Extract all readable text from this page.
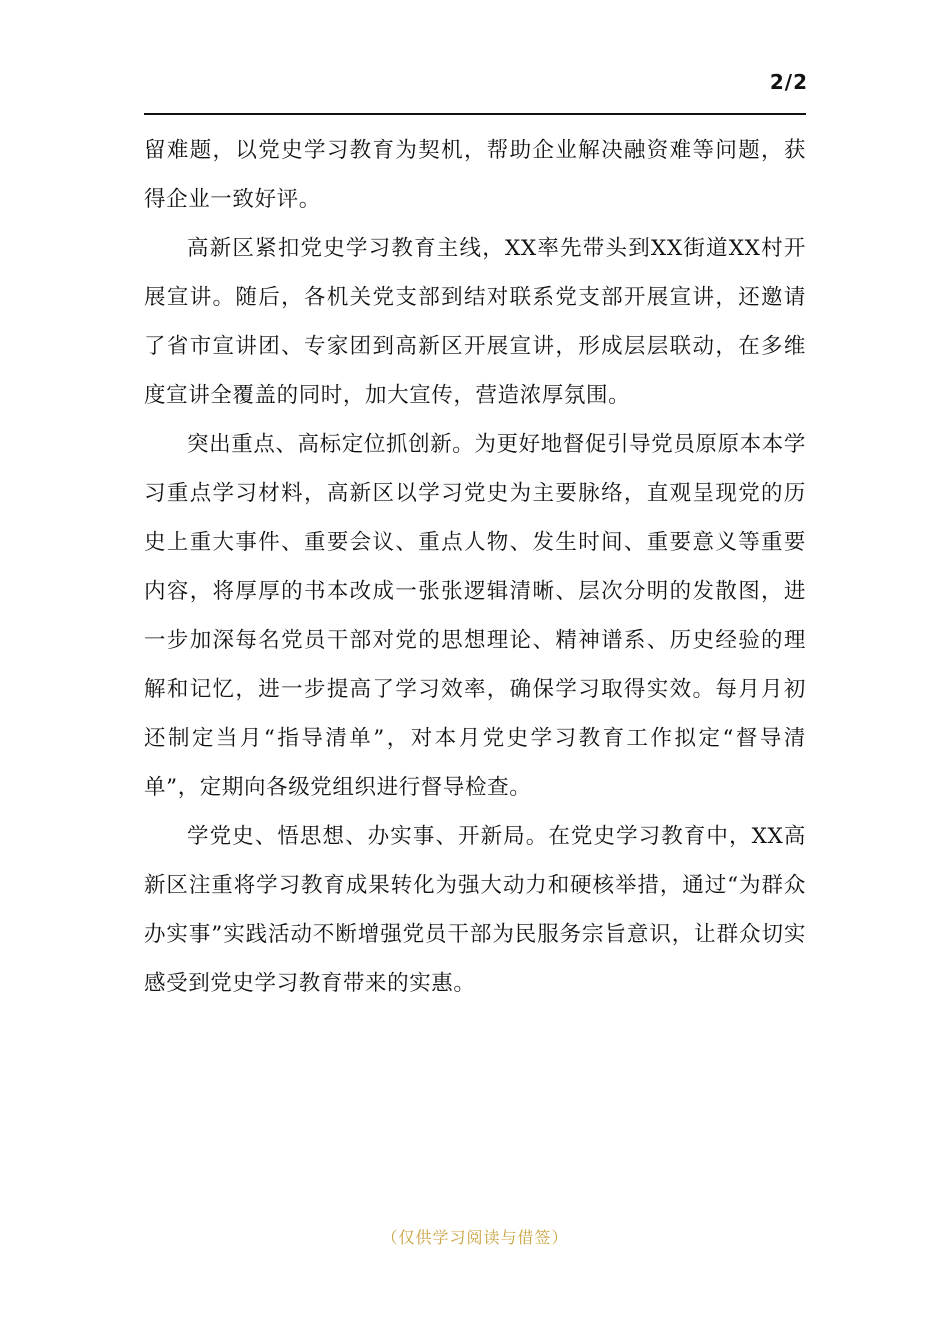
2/2

留难题，以党史学习教育为契机，帮助企业解决融资难等问题，获得企业一致好评。

高新区紧扣党史学习教育主线，XX率先带头到XX街道XX村开展宣讲。随后，各机关党支部到结对联系党支部开展宣讲，还邀请了省市宣讲团、专家团到高新区开展宣讲，形成层层联动，在多维度宣讲全覆盖的同时，加大宣传，营造浓厚氛围。

突出重点、高标定位抓创新。为更好地督促引导党员原原本本学习重点学习材料，高新区以学习党史为主要脉络，直观呈现党的历史上重大事件、重要会议、重点人物、发生时间、重要意义等重要内容，将厚厚的书本改成一张张逻辑清晰、层次分明的发散图，进一步加深每名党员干部对党的思想理论、精神谱系、历史经验的理解和记忆，进一步提高了学习效率，确保学习取得实效。每月月初还制定当月“指导清单”，对本月党史学习教育工作拟定“督导清单”，定期向各级党组织进行督导检查。

学党史、悟思想、办实事、开新局。在党史学习教育中，XX高新区注重将学习教育成果转化为强大动力和硬核举措，通过“为群众办实事”实践活动不断增强党员干部为民服务宗旨意识，让群众切实感受到党史学习教育带来的实惠。

（仅供学习阅读与借签）
